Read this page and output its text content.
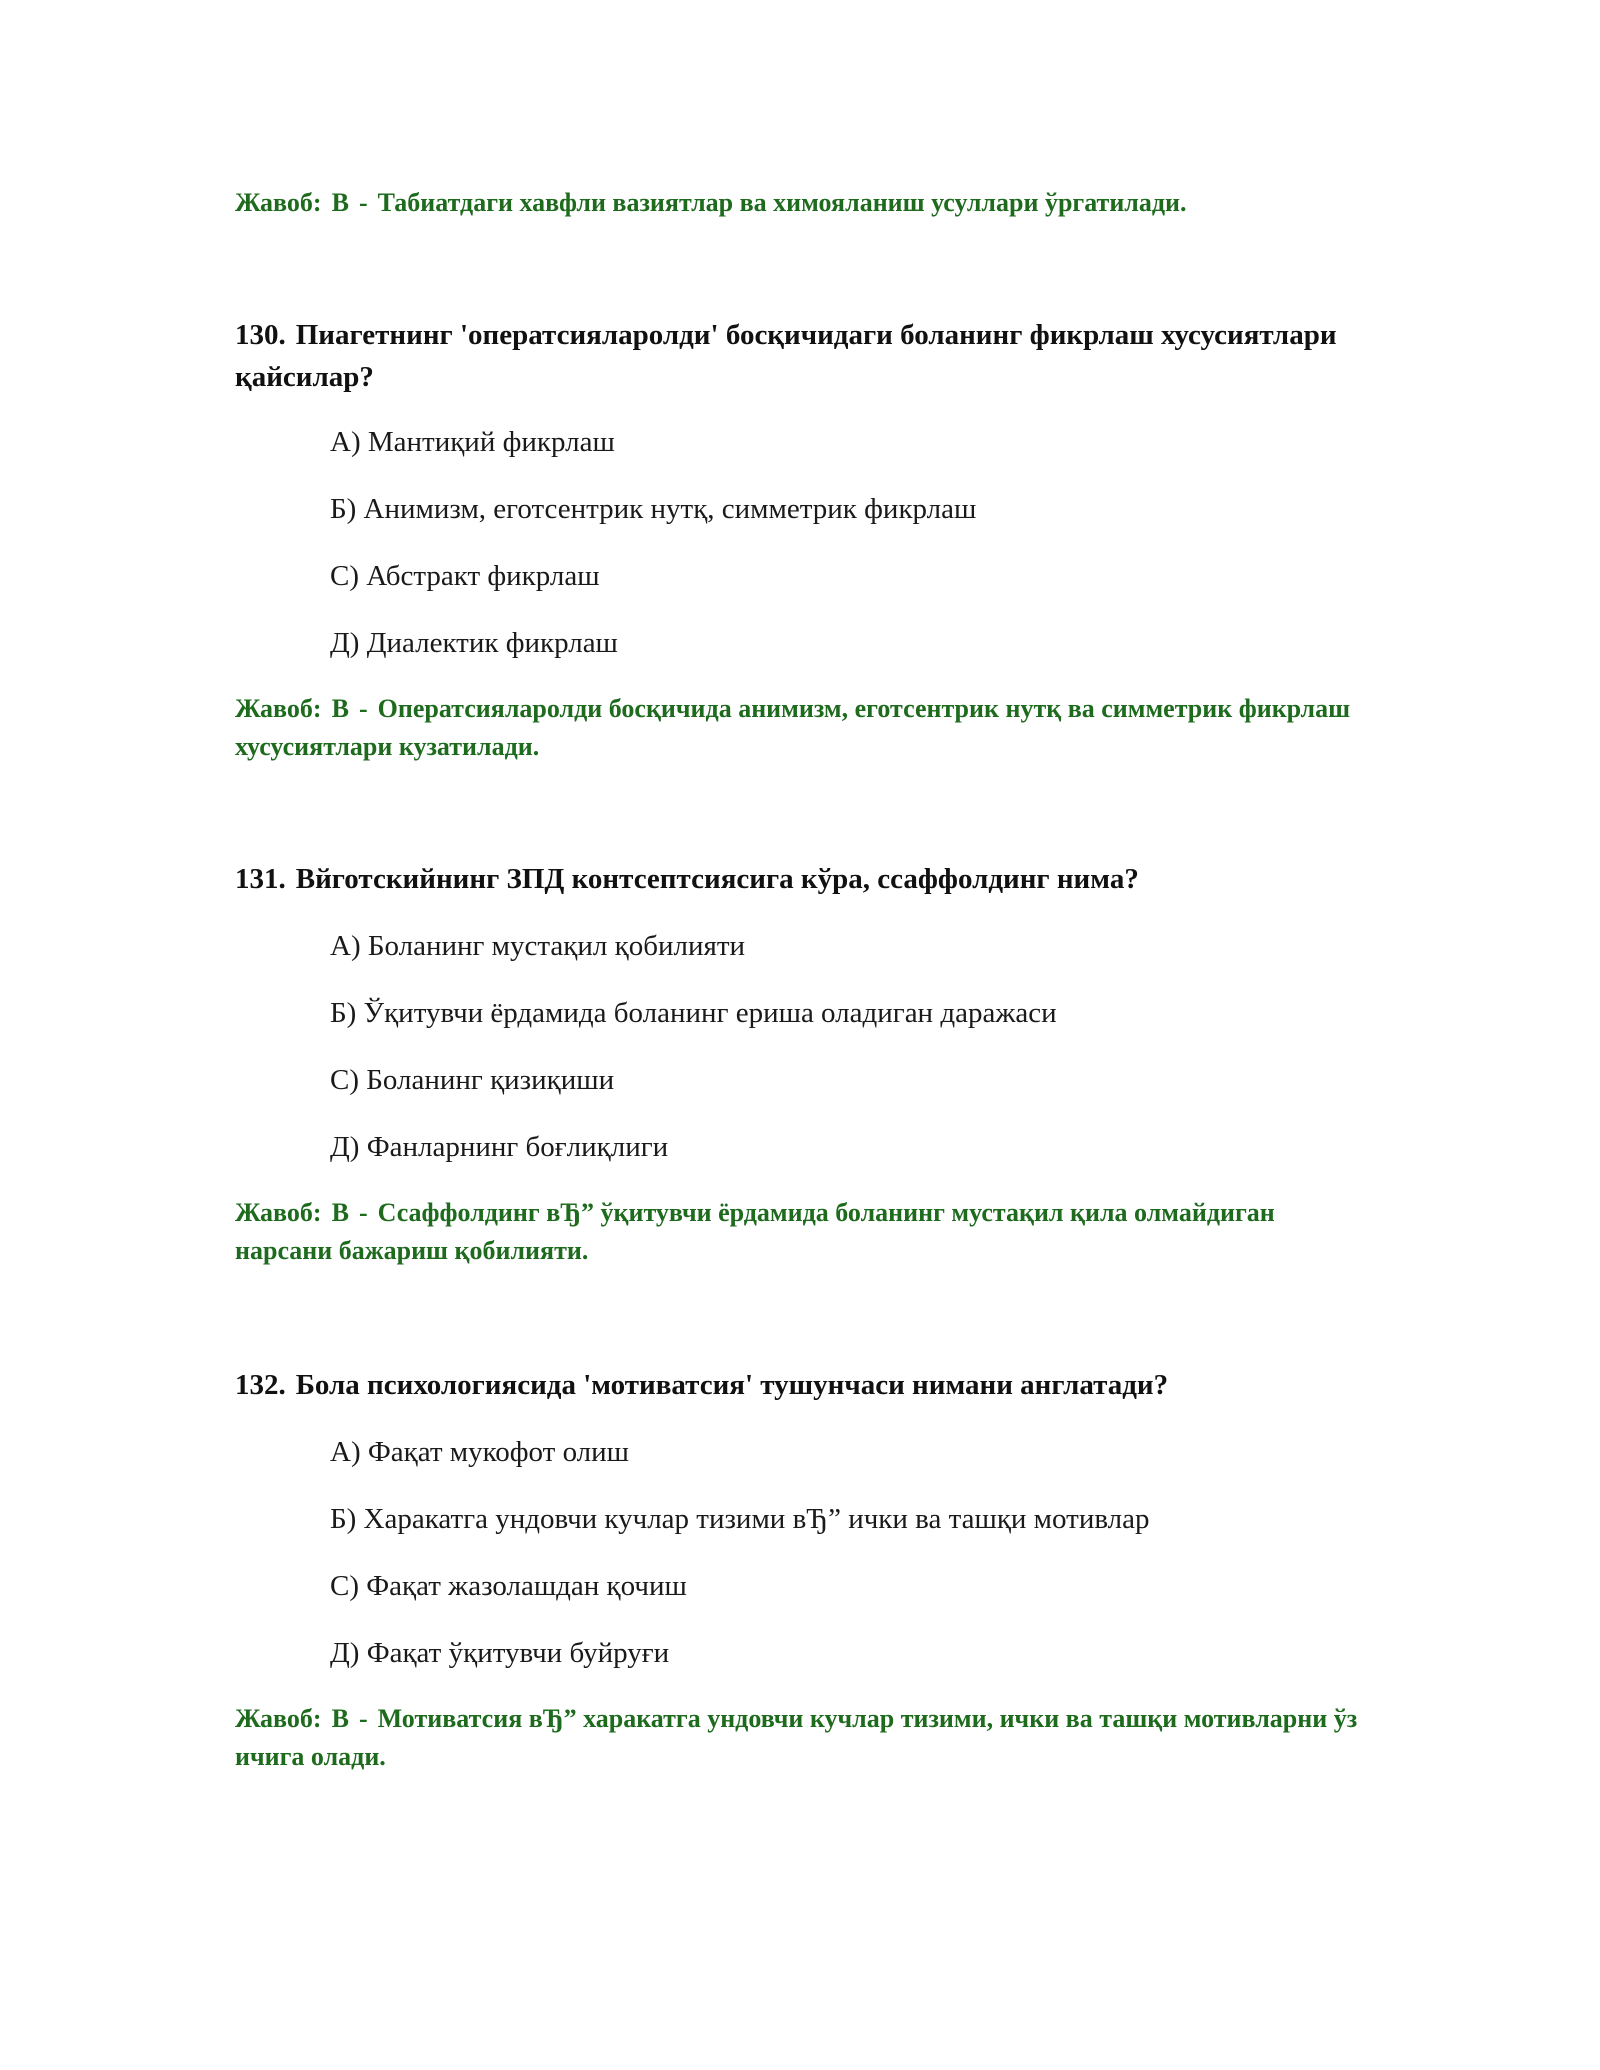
Жавоб: B - Табиатдаги хавфли вазиятлар ва химояланиш усуллари ўргатилади.
130. Пиагетнинг 'оператсияларолди' босқичидаги боланинг фикрлаш хусусиятлари қайсилар?
А) Мантиқий фикрлаш
Б) Анимизм, еготсентрик нутқ, симметрик фикрлаш
С) Абстракт фикрлаш
Д) Диалектик фикрлаш
Жавоб: B - Оператсияларолди босқичида анимизм, еготсентрик нутқ ва симметрик фикрлаш хусусиятлари кузатилади.
131. Вйготскийнинг ЗПД контсептсиясига кўра, ссаффолдинг нима?
А) Боланинг мустақил қобилияти
Б) Ўқитувчи ёрдамида боланинг ериша оладиган даражаси
С) Боланинг қизиқиши
Д) Фанларнинг боғлиқлиги
Жавоб: B - Ссаффолдинг вЂ” ўқитувчи ёрдамида боланинг мустақил қила олмайдиган нарсани бажариш қобилияти.
132. Бола психологиясида 'мотиватсия' тушунчаси нимани англатади?
А) Фақат мукофот олиш
Б) Харакатга ундовчи кучлар тизими вЂ” ички ва ташқи мотивлар
С) Фақат жазолашдан қочиш
Д) Фақат ўқитувчи буйруғи
Жавоб: B - Мотиватсия вЂ” харакатга ундовчи кучлар тизими, ички ва ташқи мотивларни ўз ичига олади.
